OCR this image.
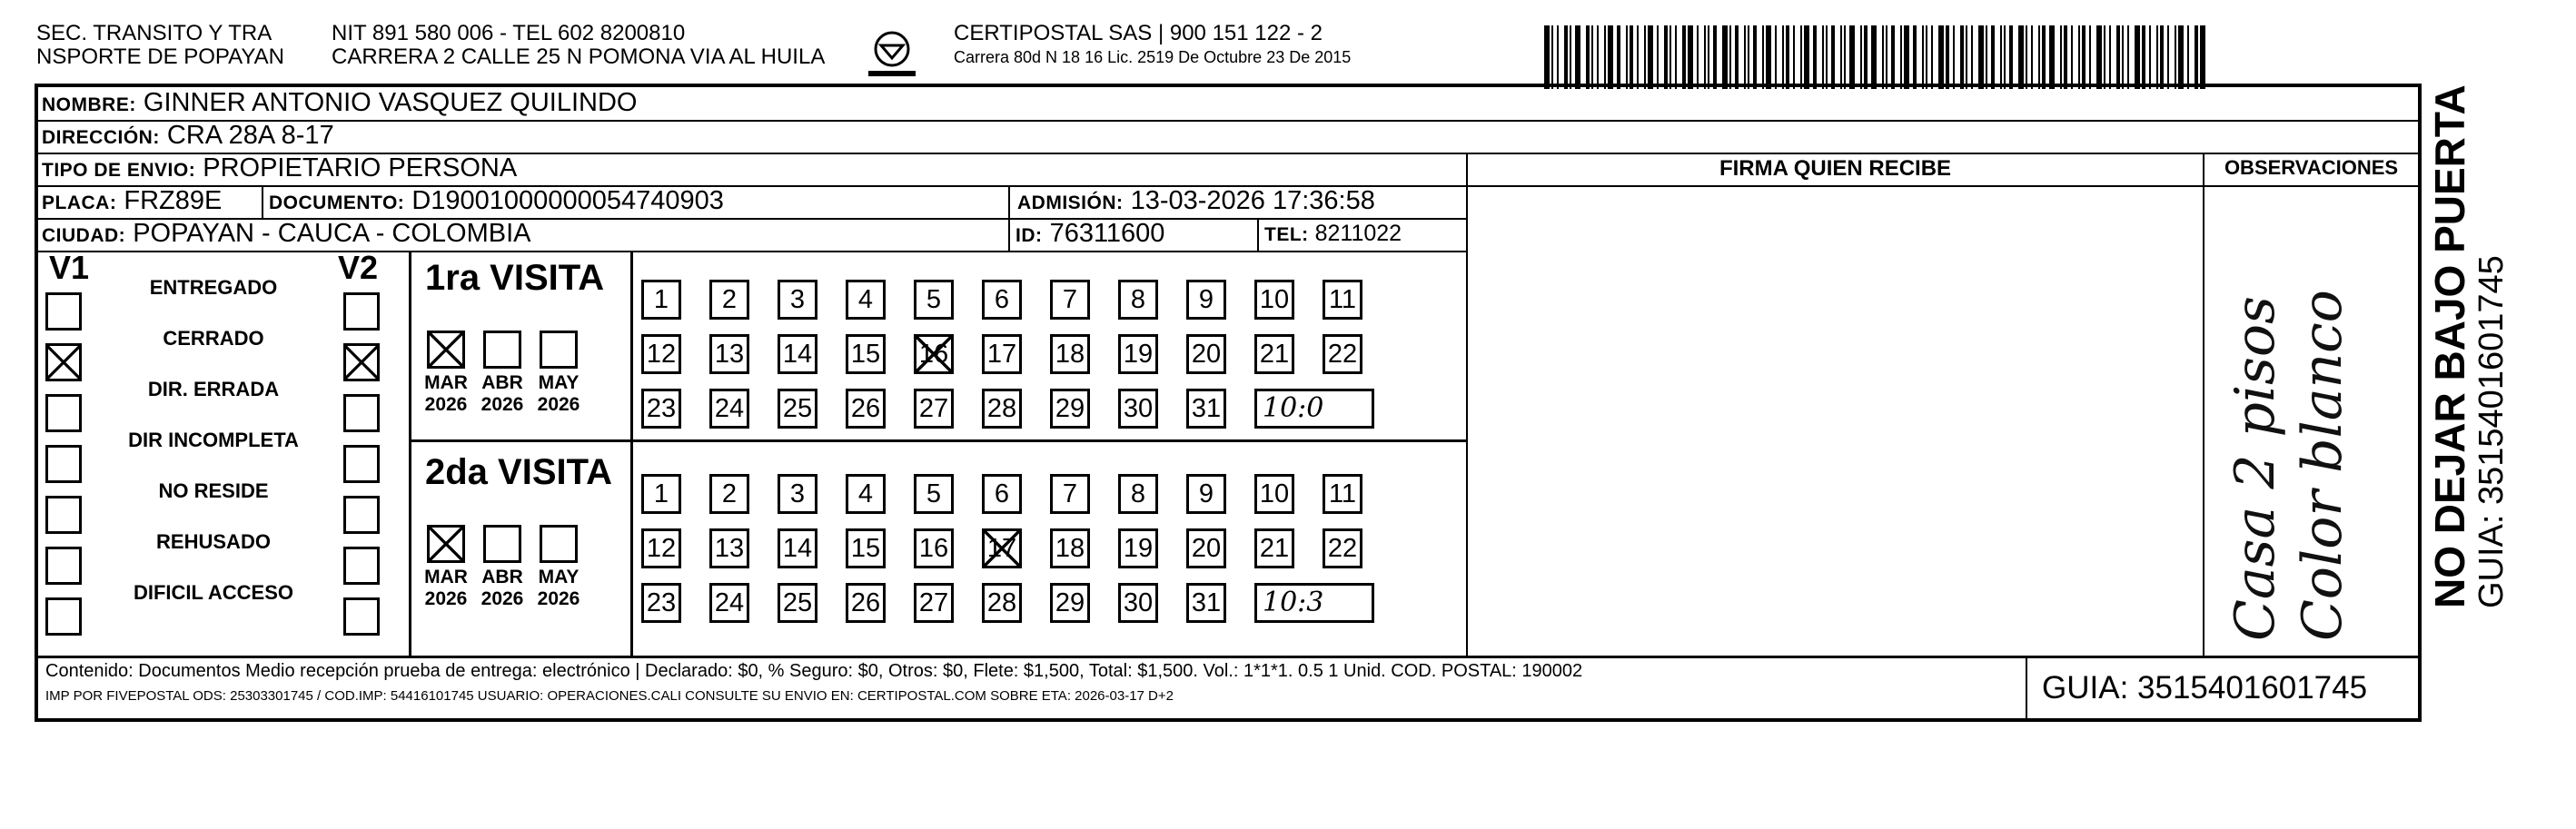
SEC. TRANSITO Y TRA
NSPORTE DE POPAYAN
NIT 891 580 006 - TEL 602 8200810
CARRERA 2 CALLE 25 N POMONA VIA AL HUILA
CERTIPOSTAL SAS | 900 151 122 - 2
Carrera 80d N 18 16 Lic. 2519 De Octubre 23 De 2015
NOMBRE: GINNER ANTONIO VASQUEZ QUILINDO
DIRECCIÓN: CRA 28A 8-17
TIPO DE ENVIO: PROPIETARIO PERSONA	FIRMA QUIEN RECIBE	OBSERVACIONES
PLACA: FRZ89E DOCUMENTO: D19001000000054740903	ADMISIÓN: 13-03-2026 17:36:58
CIUDAD: POPAYAN - CAUCA - COLOMBIA	ID: 76311600	TEL: 8211022
V1	V2
ENTREGADO
CERRADO
DIR. ERRADA
DIR INCOMPLETA
NO RESIDE
REHUSADO
DIFICIL ACCESO
1ra VISITA
2da VISITA
MAR
2026
ABR
2026
MAY
2026
1	2	3	4	5	6	7	8	9	10 11
12 13 14 15 16 17 18 19 20 21 22
23 24 25 26 27 28 29 30 31	10:0
MAR
2026
ABR
2026
MAY
2026
1	2	3	4	5	6	7	8	9	10 11
12 13 14 15 16 17 18 19 20 21 22
23 24 25 26 27 28 29 30 31	10:3
Contenido: Documentos Medio recepción prueba de entrega: electrónico | Declarado: $0, % Seguro: $0, Otros: $0, Flete: $1,500, Total: $1,500. Vol.: 1*1*1. 0.5 1 Unid. COD. POSTAL: 190002
IMP POR FIVEPOSTAL ODS: 25303301745 / COD.IMP: 54416101745 USUARIO: OPERACIONES.CALI CONSULTE SU ENVIO EN: CERTIPOSTAL.COM SOBRE ETA: 2026-03-17 D+2	GUIA: 3515401601745
Casa 2 pisos Color blanco NO DEJAR BAJO PUERTA GUIA: 3515401601745
